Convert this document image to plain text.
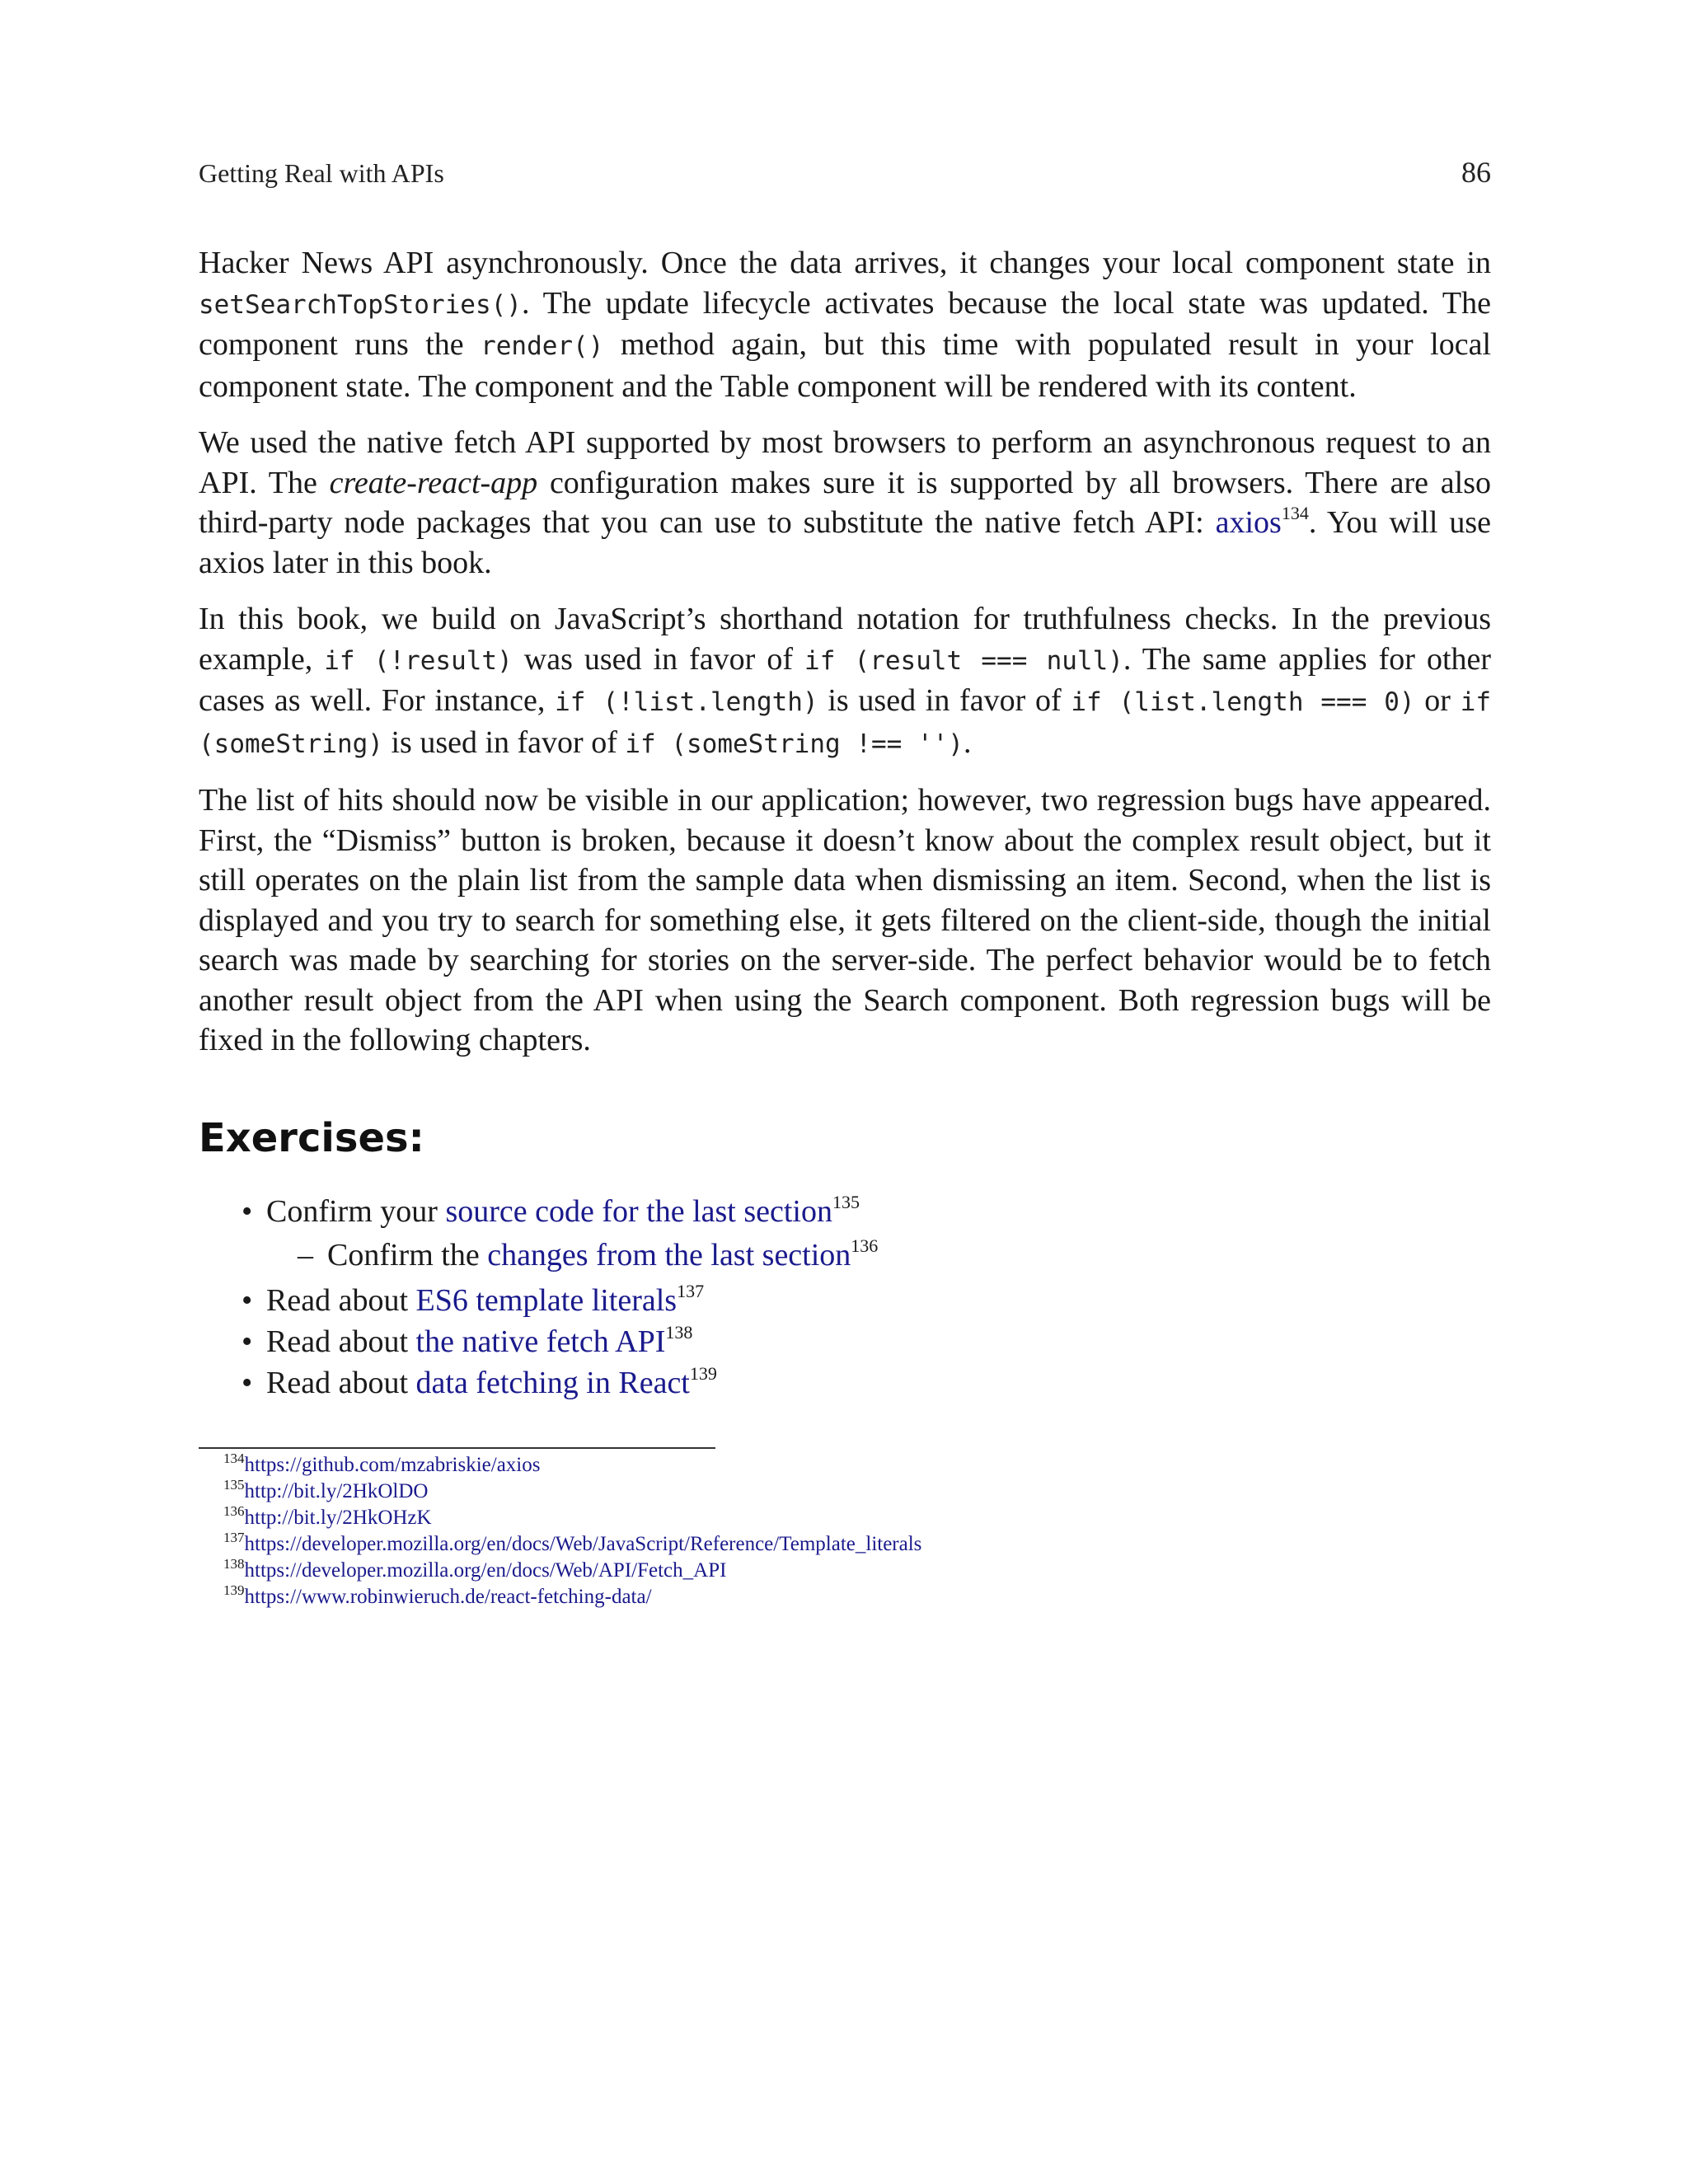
Getting Real with APIs	86

Hacker News API asynchronously. Once the data arrives, it changes your local component state in setSearchTopStories(). The update lifecycle activates because the local state was updated. The component runs the render() method again, but this time with populated result in your local component state. The component and the Table component will be rendered with its content.

We used the native fetch API supported by most browsers to perform an asynchronous request to an API. The create-react-app configuration makes sure it is supported by all browsers. There are also third-party node packages that you can use to substitute the native fetch API: axios$^{134}$. You will use axios later in this book.

In this book, we build on JavaScript’s shorthand notation for truthfulness checks. In the previous example, if (!result) was used in favor of if (result === null). The same applies for other cases as well. For instance, if (!list.length) is used in favor of if (list.length === 0) or if (someString) is used in favor of if (someString !== '').

The list of hits should now be visible in our application; however, two regression bugs have appeared. First, the “Dismiss” button is broken, because it doesn’t know about the complex result object, but it still operates on the plain list from the sample data when dismissing an item. Second, when the list is displayed and you try to search for something else, it gets filtered on the client-side, though the initial search was made by searching for stories on the server-side. The perfect behavior would be to fetch another result object from the API when using the Search component. Both regression bugs will be fixed in the following chapters.

Exercises:
• Confirm your source code for the last section$^{135}$
– Confirm the changes from the last section$^{136}$
• Read about ES6 template literals$^{137}$
• Read about the native fetch API$^{138}$
• Read about data fetching in React$^{139}$
$^{134}$https://github.com/mzabriskie/axios
$^{135}$http://bit.ly/2HkOlDO
$^{136}$http://bit.ly/2HkOHzK
$^{137}$https://developer.mozilla.org/en/docs/Web/JavaScript/Reference/Template_literals
$^{138}$https://developer.mozilla.org/en/docs/Web/API/Fetch_API
$^{139}$https://www.robinwieruch.de/react-fetching-data/
